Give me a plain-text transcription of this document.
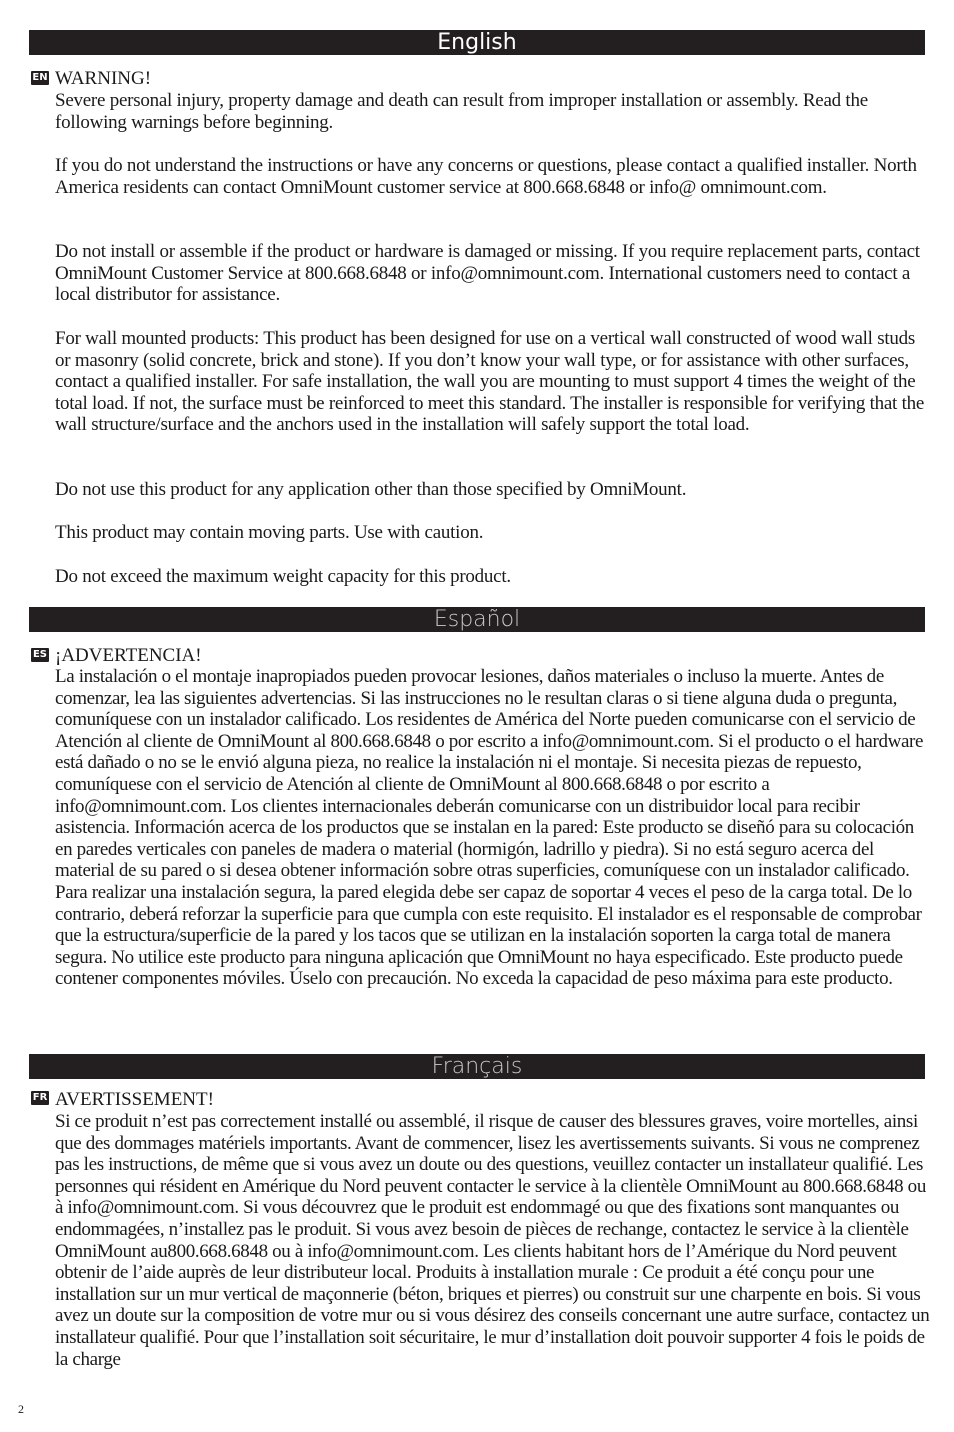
English
EN WARNING!

Severe personal injury, property damage and death can result from improper installation or assembly. Read the following warnings before beginning.

If you do not understand the instructions or have any concerns or questions, please contact a qualified installer. North America residents can contact OmniMount customer service at 800.668.6848 or info@ omnimount.com.

Do not install or assemble if the product or hardware is damaged or missing. If you require replacement parts, contact OmniMount Customer Service at 800.668.6848 or info@omnimount.com. International customers need to contact a local distributor for assistance.

For wall mounted products: This product has been designed for use on a vertical wall constructed of wood wall studs or masonry (solid concrete, brick and stone). If you don’t know your wall type, or for assistance with other surfaces, contact a qualified installer. For safe installation, the wall you are mounting to must support 4 times the weight of the total load. If not, the surface must be reinforced to meet this standard. The installer is responsible for verifying that the wall structure/surface and the anchors used in the installation will safely support the total load.

Do not use this product for any application other than those specified by OmniMount.

This product may contain moving parts. Use with caution.

Do not exceed the maximum weight capacity for this product.

Español
ES ¡ADVERTENCIA!

La instalación o el montaje inapropiados pueden provocar lesiones, daños materiales o incluso la muerte. Antes de comenzar, lea las siguientes advertencias. Si las instrucciones no le resultan claras o si tiene alguna duda o pregunta, comuníquese con un instalador calificado. Los residentes de América del Norte pueden comunicarse con el servicio de Atención al cliente de OmniMount al 800.668.6848 o por escrito a info@omnimount.com. Si el producto o el hardware está dañado o no se le envió alguna pieza, no realice la instalación ni el montaje. Si necesita piezas de repuesto, comuníquese con el servicio de Atención al cliente de OmniMount al 800.668.6848 o por escrito a info@omnimount.com. Los clientes internacionales deberán comunicarse con un distribuidor local para recibir asistencia. Información acerca de los productos que se instalan en la pared: Este producto se diseñó para su colocación en paredes verticales con paneles de madera o material (hormigón, ladrillo y piedra). Si no está seguro acerca del material de su pared o si desea obtener información sobre otras superficies, comuníquese con un instalador calificado. Para realizar una instalación segura, la pared elegida debe ser capaz de soportar 4 veces el peso de la carga total. De lo contrario, deberá reforzar la superficie para que cumpla con este requisito. El instalador es el responsable de comprobar que la estructura/superficie de la pared y los tacos que se utilizan en la instalación soporten la carga total de manera segura. No utilice este producto para ninguna aplicación que OmniMount no haya especificado. Este producto puede contener componentes móviles. Úselo con precaución. No exceda la capacidad de peso máxima para este producto.

Français
FR AVERTISSEMENT!

Si ce produit n’est pas correctement installé ou assemblé, il risque de causer des blessures graves, voire mortelles, ainsi que des dommages matériels importants. Avant de commencer, lisez les avertissements suivants. Si vous ne comprenez pas les instructions, de même que si vous avez un doute ou des questions, veuillez contacter un installateur qualifié. Les personnes qui résident en Amérique du Nord peuvent contacter le service à la clientèle OmniMount au 800.668.6848 ou à info@omnimount.com. Si vous découvrez que le produit est endommagé ou que des fixations sont manquantes ou endommagées, n’installez pas le produit. Si vous avez besoin de pièces de rechange, contactez le service à la clientèle OmniMount au800.668.6848 ou à info@omnimount.com. Les clients habitant hors de l’Amérique du Nord peuvent obtenir de l’aide auprès de leur distributeur local. Produits à installation murale : Ce produit a été conçu pour une installation sur un mur vertical de maçonnerie (béton, briques et pierres) ou construit sur une charpente en bois. Si vous avez un doute sur la composition de votre mur ou si vous désirez des conseils concernant une autre surface, contactez un installateur qualifié. Pour que l’installation soit sécuritaire, le mur d’installation doit pouvoir supporter 4 fois le poids de la charge

2
